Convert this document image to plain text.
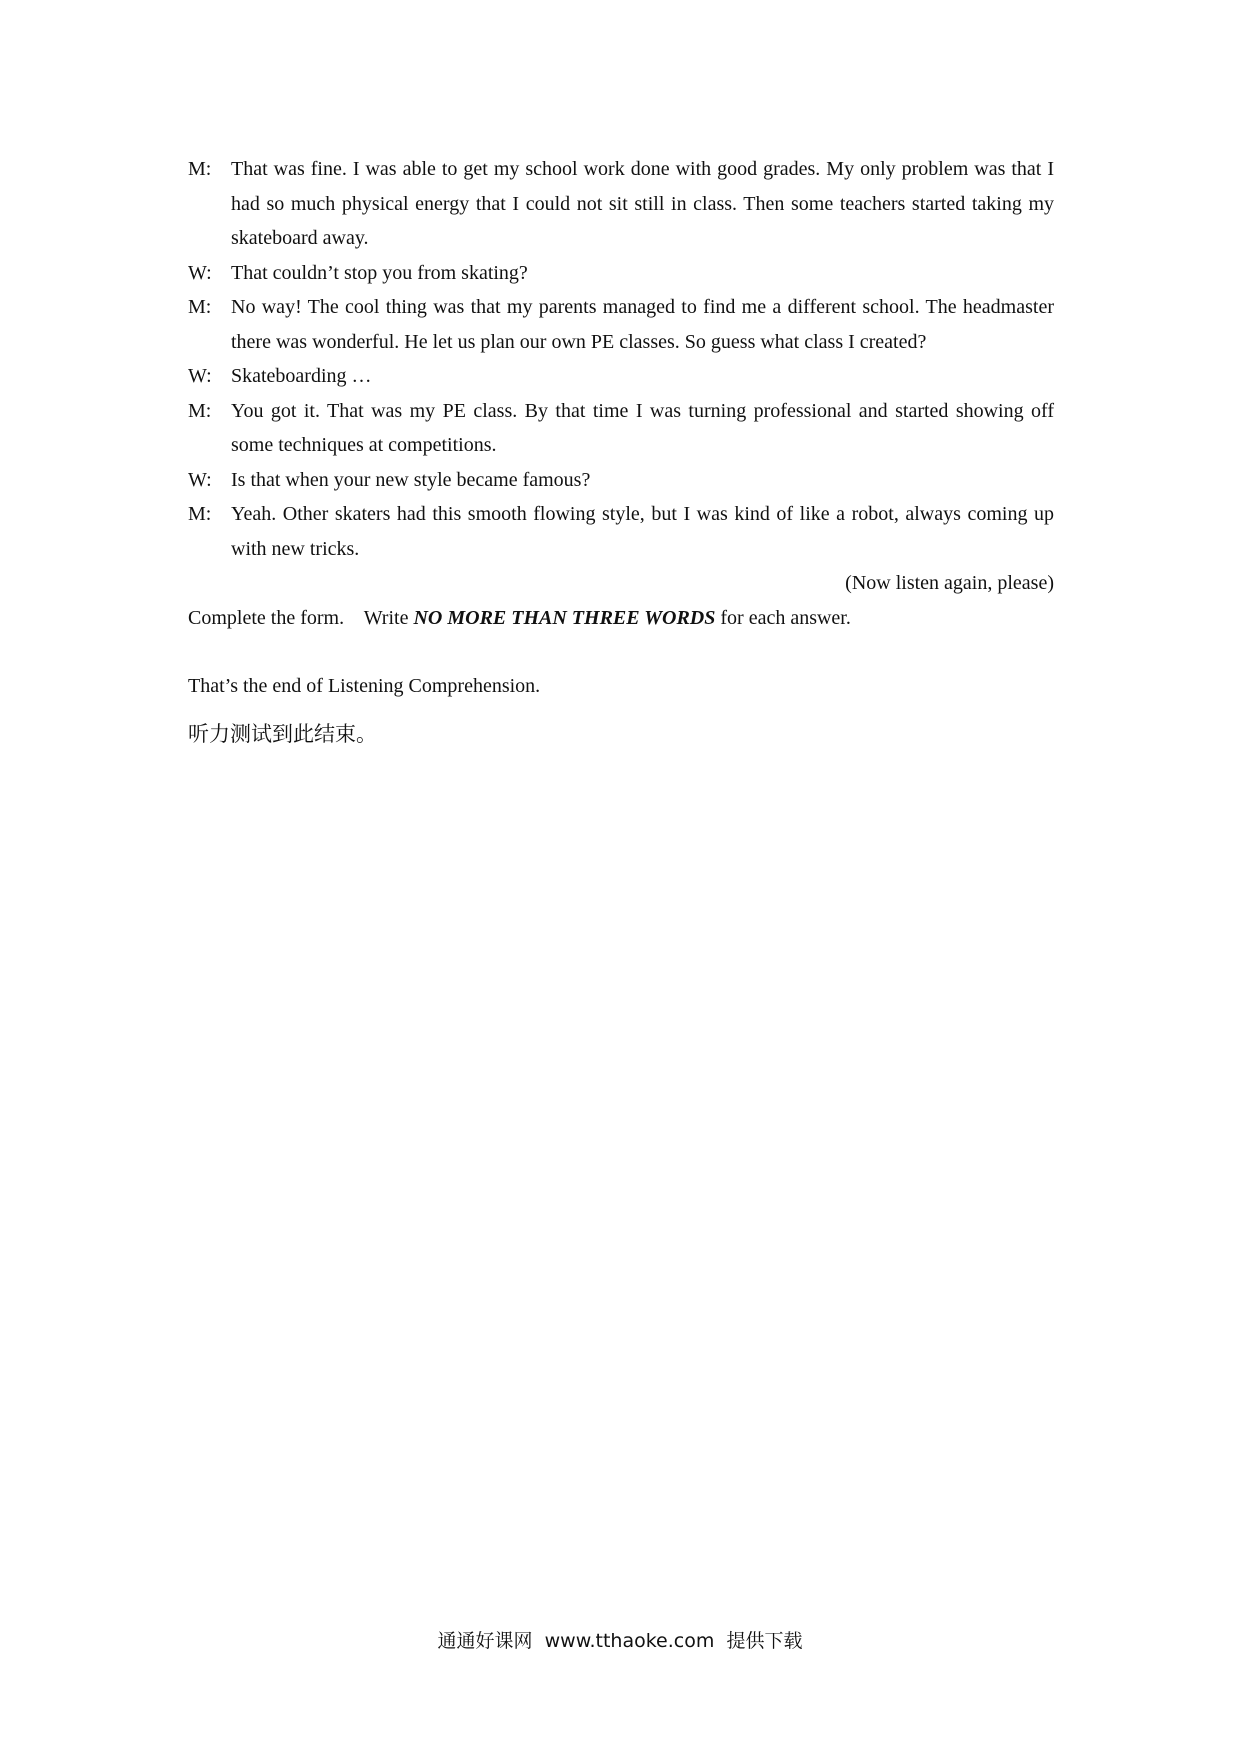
M: That was fine. I was able to get my school work done with good grades. My only problem was that I had so much physical energy that I could not sit still in class. Then some teachers started taking my skateboard away.
W: That couldn’t stop you from skating?
M: No way! The cool thing was that my parents managed to find me a different school. The headmaster there was wonderful. He let us plan our own PE classes. So guess what class I created?
W: Skateboarding …
M: You got it. That was my PE class. By that time I was turning professional and started showing off some techniques at competitions.
W: Is that when your new style became famous?
M: Yeah. Other skaters had this smooth flowing style, but I was kind of like a robot, always coming up with new tricks.
(Now listen again, please)
Complete the form.    Write NO MORE THAN THREE WORDS for each answer.
That’s the end of Listening Comprehension.
听力测试到此结束。
通通好课网  www.tthaoke.com  提供下载
